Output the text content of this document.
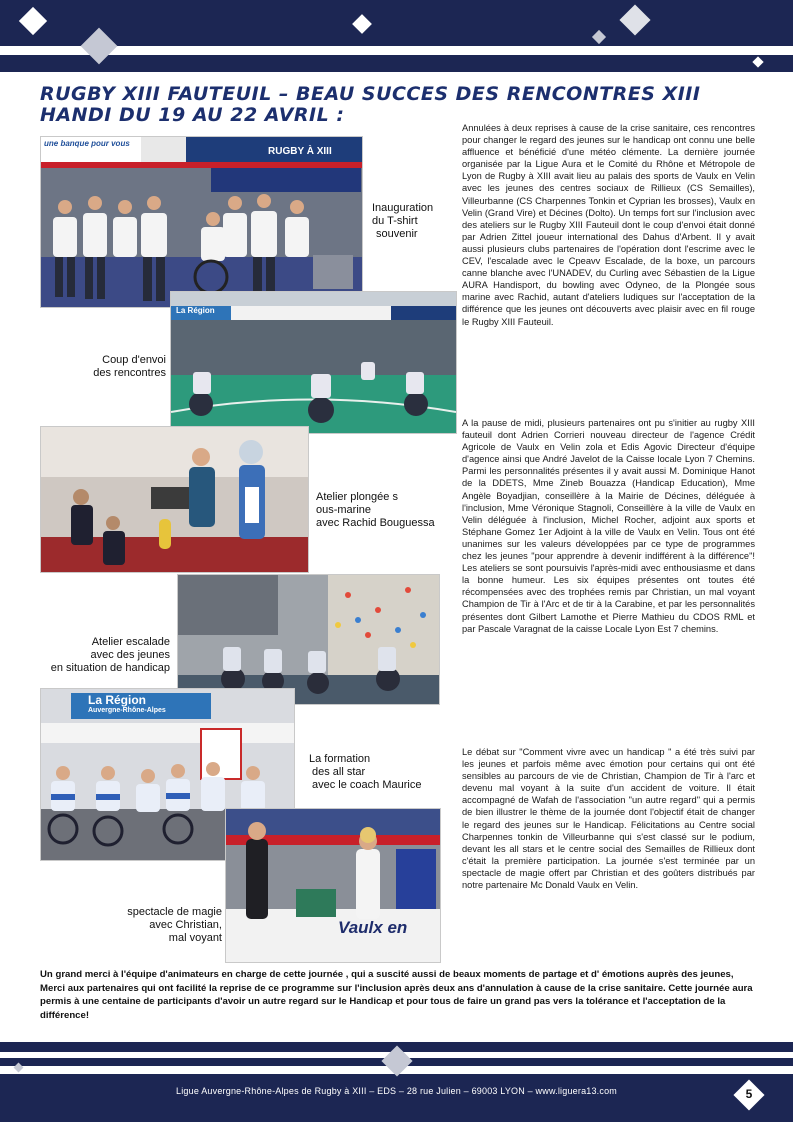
RUGBY XIII FAUTEUIL – BEAU SUCCES DES RENCONTRES XIII HANDI DU 19 AU 22 AVRIL :
une banque pour vous
RUGBY À XIII
Inauguration
du T-shirt
souvenir
La Région
Coup d'envoi
des rencontres
Atelier plongée s
ous-marine
avec Rachid Bouguessa
Atelier escalade
avec des jeunes
en situation de handicap
La Région
Auvergne-Rhône-Alpes
La formation
des all star
avec le coach Maurice
Vaulx en
spectacle de magie
avec Christian,
mal voyant

Annulées à deux reprises à cause de la crise sanitaire, ces rencontres pour changer le regard des jeunes sur le handicap ont connu une belle affluence et bénéficié d'une météo clémente. La dernière journée organisée par la Ligue Aura et le Comité du Rhône et Métropole de Lyon de Rugby à XIII avait lieu au palais des sports de Vaulx en Velin avec les jeunes des centres sociaux de Rillieux (CS Semailles), Villeurbanne (CS Charpennes Tonkin et Cyprian les brosses), Vaulx en Velin (Grand Vire) et Décines (Dolto). Un temps fort sur l'inclusion avec des ateliers sur le Rugby XIII Fauteuil dont le coup d'envoi était donné par Adrien Zittel joueur international des Dahus d'Arbent. Il y avait aussi plusieurs clubs partenaires de l'opération dont l'escrime avec le CEV, l'escalade avec le Cpeavv Escalade, de la boxe, un parcours canne blanche avec l'UNADEV, du Curling avec Sébastien de la Ligue AURA Handisport, du bowling avec Odyneo, de la Plongée sous marine avec Rachid, autant d'ateliers ludiques sur l'acceptation de la différence que les jeunes ont découverts avec plaisir avec en fil rouge le Rugby XIII Fauteuil.

A la pause de midi, plusieurs partenaires ont pu s'initier au rugby XIII fauteuil dont Adrien Corrieri nouveau directeur de l'agence Crédit Agricole de Vaulx en Velin zola et Edis Agovic Directeur d'équipe d'agence ainsi que André Javelot de la Caisse locale Lyon 7 Chemins. Parmi les personnalités présentes il y avait aussi M. Dominique Hanot de la DDETS, Mme Zineb Bouazza (Handicap Education), Mme Angèle Boyadjian, conseillère à la Mairie de Décines, déléguée à l'inclusion, Mme Véronique Stagnoli, Conseillère à la ville de Vaulx en Velin déléguée à l'inclusion, Michel Rocher, adjoint aux sports et Stéphane Gomez 1er Adjoint à la ville de Vaulx en Velin. Tous ont été unanimes sur les valeurs développées par ce type de programmes chez les jeunes "pour apprendre à devenir indifférent à la différence"! Les ateliers se sont poursuivis l'après-midi avec enthousiasme et dans la bonne humeur. Les six équipes présentes ont toutes été récompensées avec des trophées remis par Christian, un mal voyant Champion de Tir à l'Arc et de tir à la Carabine, et par les personnalités présentes dont Gilbert Lamothe et Pierre Mathieu du CDOS RML et par Pascale Varagnat de la caisse Locale Lyon Est 7 chemins.

Le débat sur "Comment vivre avec un handicap " a été très suivi par les jeunes et parfois même avec émotion pour certains qui ont été sensibles au parcours de vie de Christian, Champion de Tir à l'arc et devenu mal voyant à la suite d'un accident de voiture. Il était accompagné de Wafah de l'association "un autre regard" qui a permis de bien illustrer le thème de la journée dont l'objectif était de changer le regard des jeunes sur le Handicap. Félicitations au Centre social Charpennes tonkin de Villeurbanne qui s'est classé sur le podium, devant les all stars et le centre social des Semailles de Rillieux dont c'était la première participation. La journée s'est terminée par un spectacle de magie offert par Christian et des goûters distribués par notre partenaire Mc Donald Vaulx en Velin.

Un grand merci à l'équipe d'animateurs en charge de cette journée , qui a suscité aussi de beaux moments de partage et d' émotions auprès des jeunes, Merci aux partenaires qui ont facilité la reprise de ce programme sur l'inclusion après deux ans d'annulation à cause de la crise sanitaire. Cette journée aura permis à une centaine de participants d'avoir un autre regard sur le Handicap et pour tous de faire un grand pas vers la tolérance et l'acceptation de la différence!

Ligue Auvergne-Rhône-Alpes de Rugby à XIII – EDS – 28 rue Julien – 69003 LYON – www.liguera13.com	5
